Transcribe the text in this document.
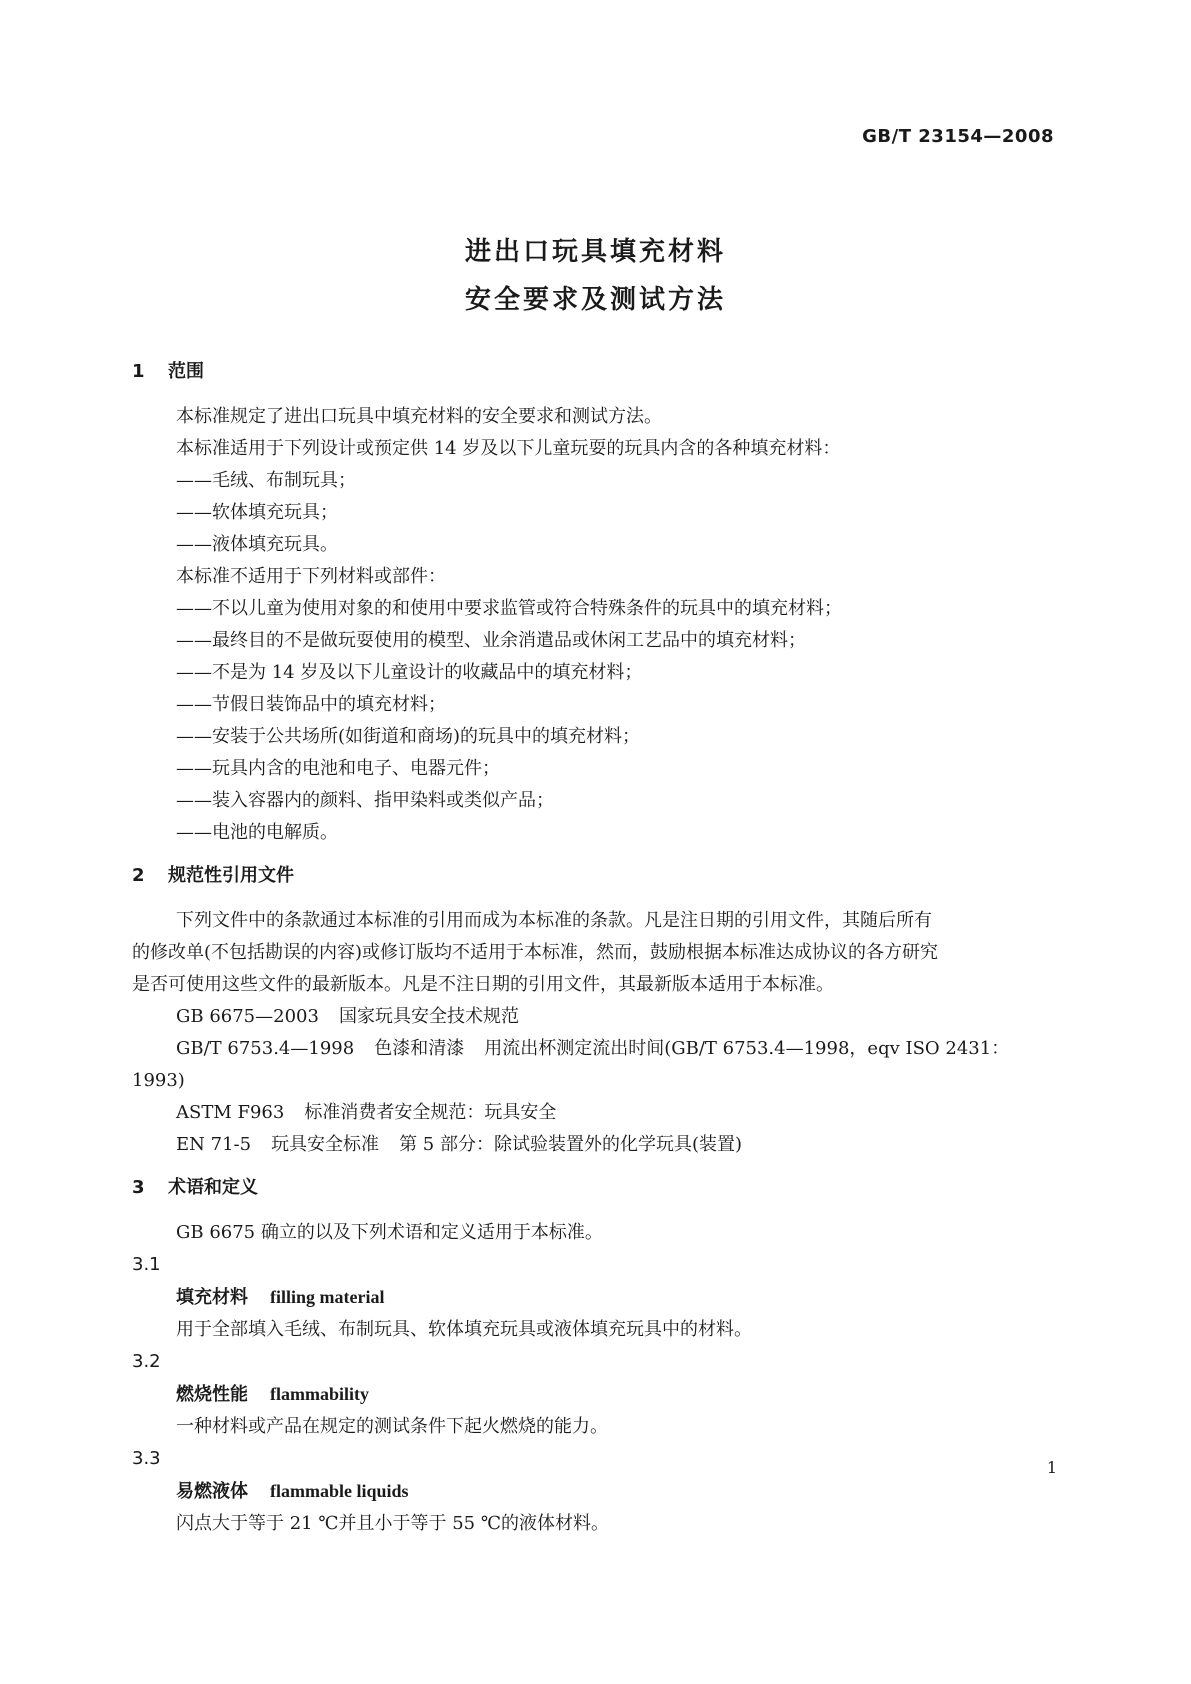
GB/T 23154—2008
进出口玩具填充材料
安全要求及测试方法
1 范围

本标准规定了进出口玩具中填充材料的安全要求和测试方法。

本标准适用于下列设计或预定供 14 岁及以下儿童玩耍的玩具内含的各种填充材料：

——毛绒、布制玩具；

——软体填充玩具；

——液体填充玩具。

本标准不适用于下列材料或部件：

——不以儿童为使用对象的和使用中要求监管或符合特殊条件的玩具中的填充材料；

——最终目的不是做玩耍使用的模型、业余消遣品或休闲工艺品中的填充材料；

——不是为 14 岁及以下儿童设计的收藏品中的填充材料；

——节假日装饰品中的填充材料；

——安装于公共场所(如街道和商场)的玩具中的填充材料；

——玩具内含的电池和电子、电器元件；

——装入容器内的颜料、指甲染料或类似产品；

——电池的电解质。

2 规范性引用文件

下列文件中的条款通过本标准的引用而成为本标准的条款。凡是注日期的引用文件，其随后所有

的修改单(不包括勘误的内容)或修订版均不适用于本标准，然而，鼓励根据本标准达成协议的各方研究

是否可使用这些文件的最新版本。凡是不注日期的引用文件，其最新版本适用于本标准。

GB 6675—2003 国家玩具安全技术规范

GB/T 6753.4—1998 色漆和清漆 用流出杯测定流出时间(GB/T 6753.4—1998，eqv ISO 2431：

1993)

ASTM F963 标准消费者安全规范：玩具安全

EN 71-5 玩具安全标准 第 5 部分：除试验装置外的化学玩具(装置)

3 术语和定义

GB 6675 确立的以及下列术语和定义适用于本标准。

3.1

填充材料 filling material

用于全部填入毛绒、布制玩具、软体填充玩具或液体填充玩具中的材料。

3.2

燃烧性能 flammability

一种材料或产品在规定的测试条件下起火燃烧的能力。

3.3

易燃液体 flammable liquids

闪点大于等于 21 ℃并且小于等于 55 ℃的液体材料。

1
